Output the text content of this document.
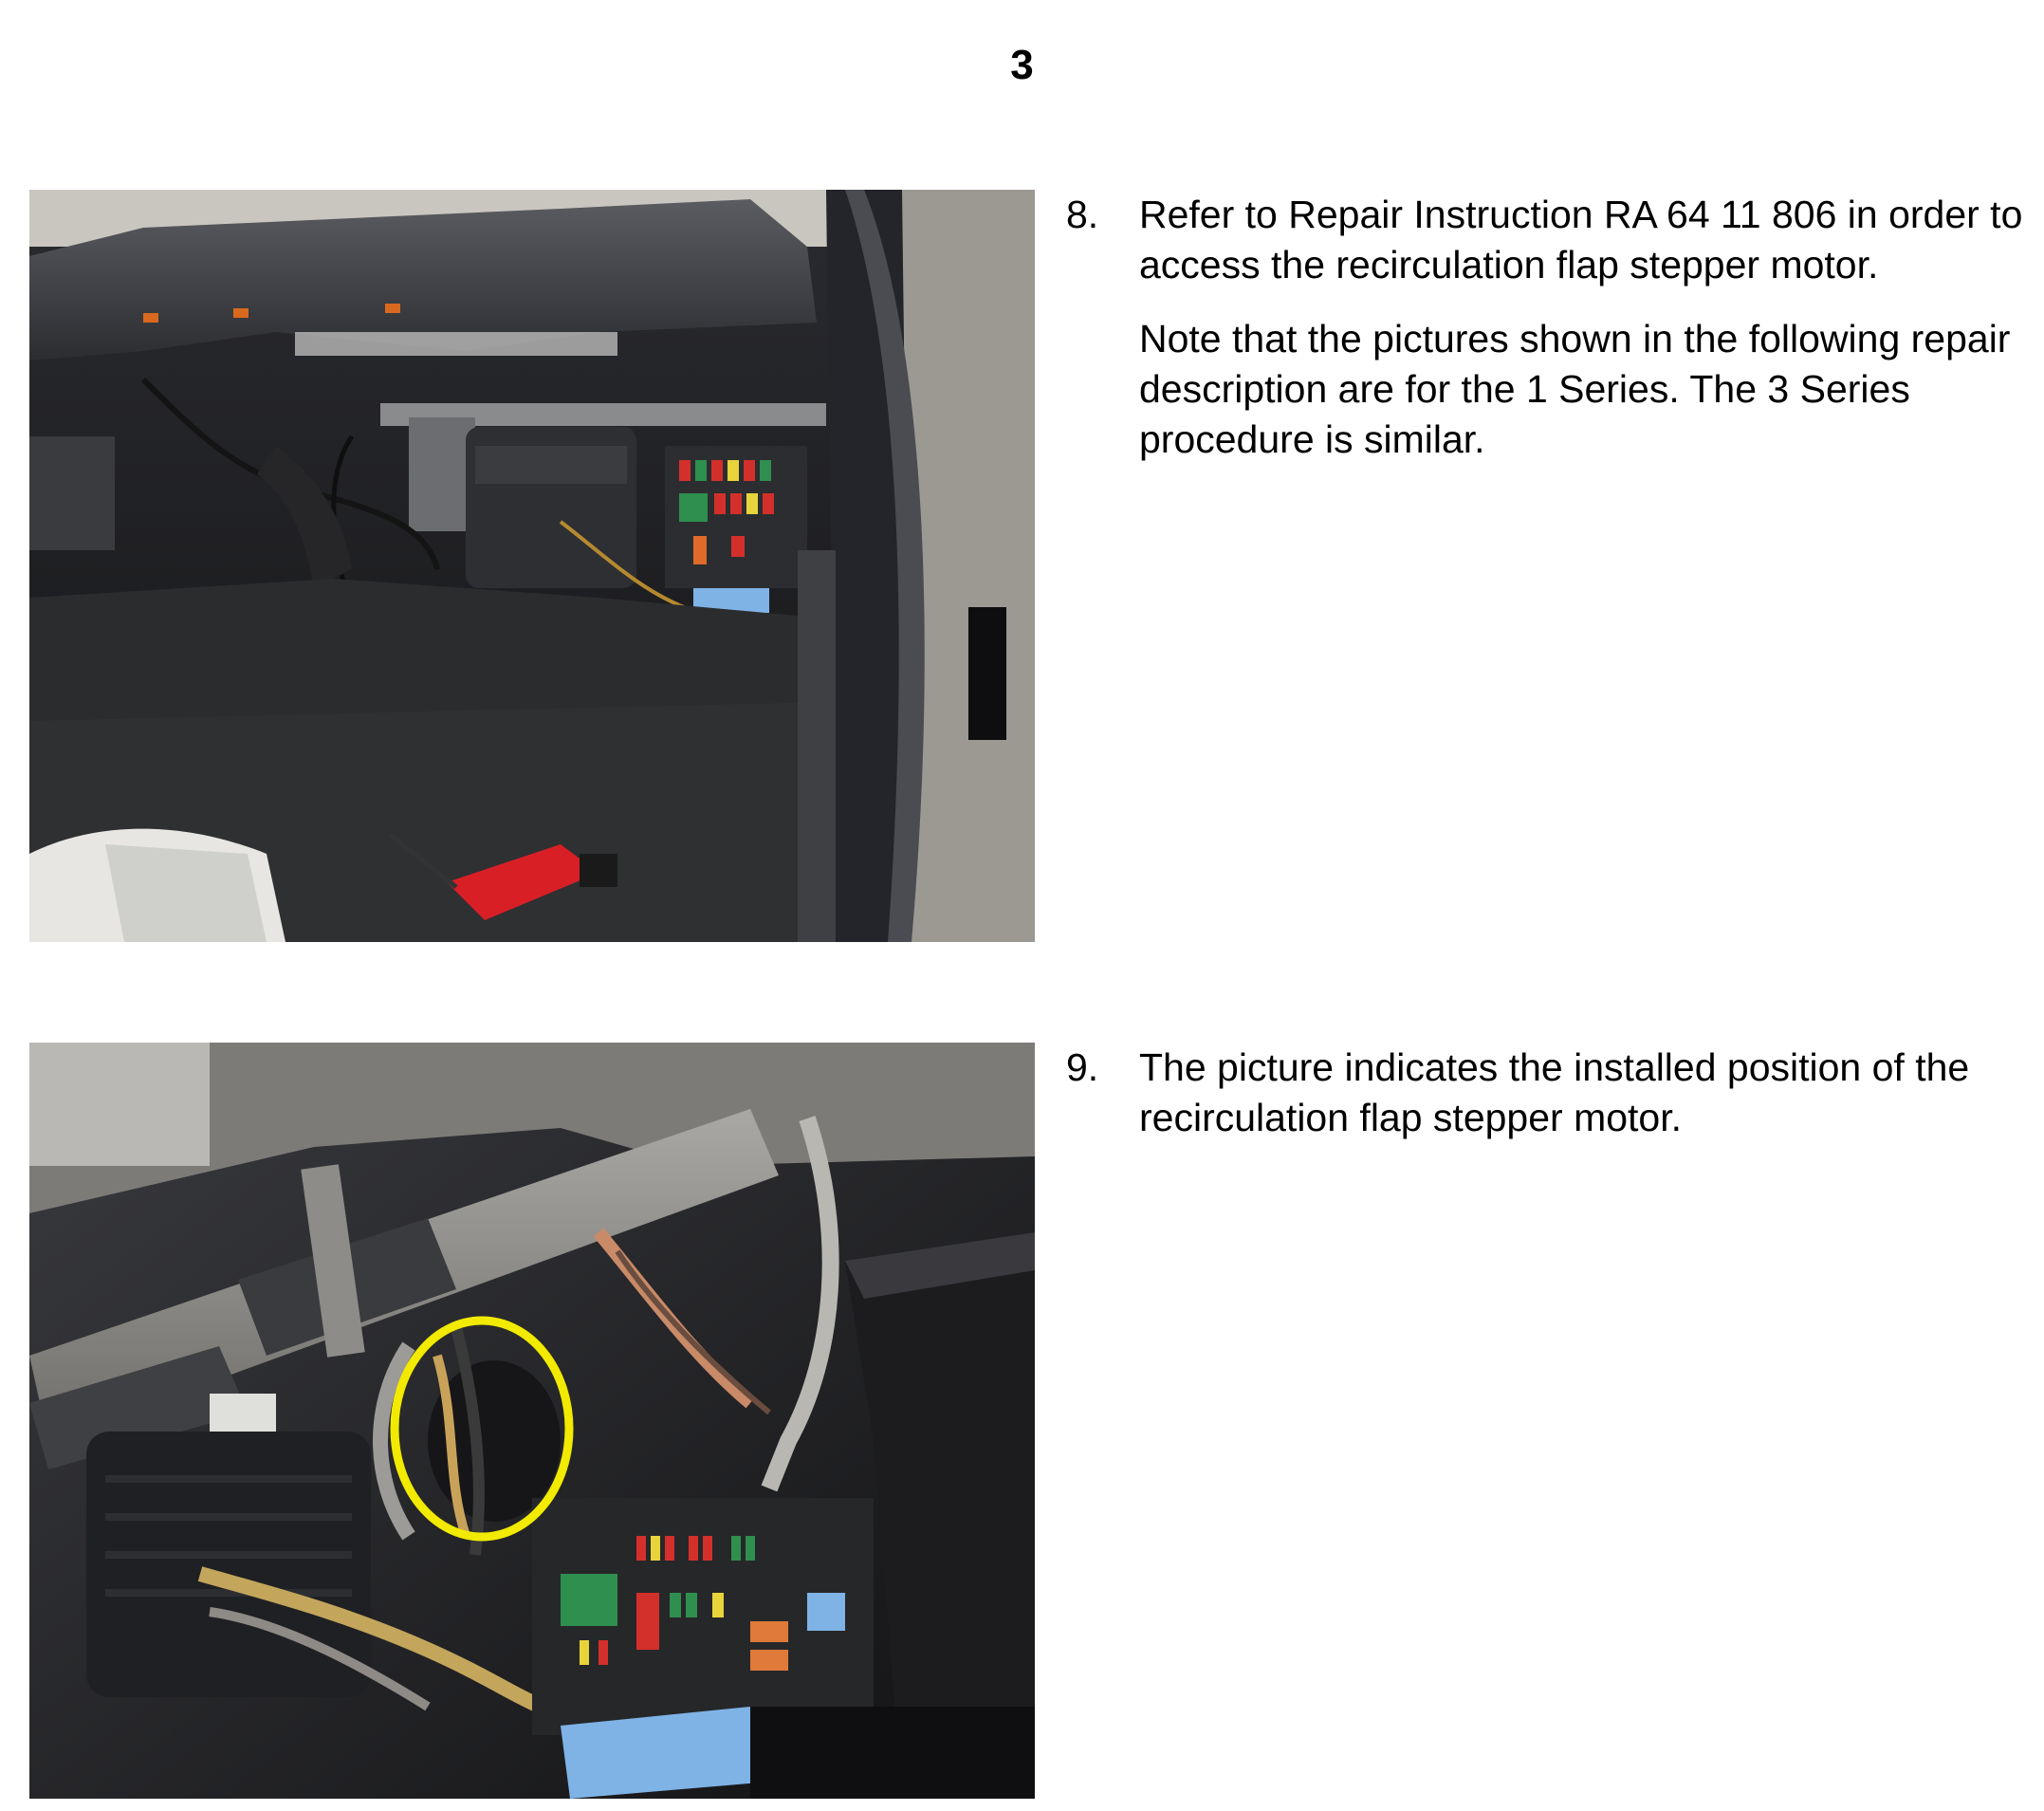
3
8. Refer to Repair Instruction RA 64 11 806 in order to access the recirculation flap stepper motor.

Note that the pictures shown in the following repair description are for the 1 Series. The 3 Series procedure is similar.

9. The picture indicates the installed position of the recirculation flap stepper motor.
